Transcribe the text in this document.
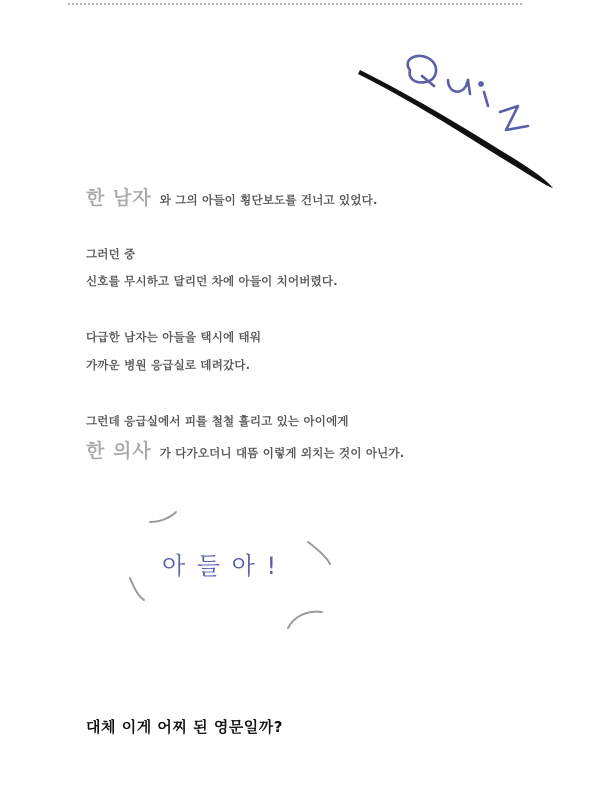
한 남자 와 그의 아들이 횡단보도를 건너고 있었다.
그러던 중
신호를 무시하고 달리던 차에 아들이 치어버렸다.
다급한 남자는 아들을 택시에 태워
가까운 병원 응급실로 데려갔다.
그런데 응급실에서 피를 철철 흘리고 있는 아이에게
한 의사 가 다가오더니 대뜸 이렇게 외치는 것이 아닌가.
아 들 아 !
대체 이게 어찌 된 영문일까?
